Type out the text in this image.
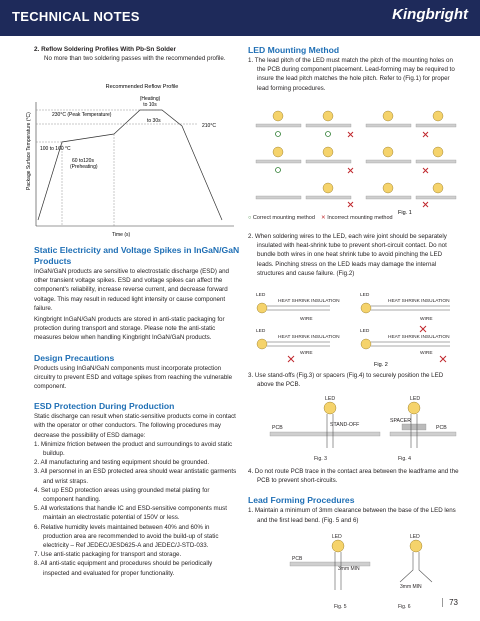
TECHNICAL NOTES	Kingbright
2. Reflow Soldering Profiles With Pb-Sn Solder

No more than two soldering passes with the recommended profile.

Recommended Reflow Profile
(Heating)
to 10s
Package Surface Temperature (°C)	230°C (Peak Temperature)
210°C
to 30s
100 to 160 °C
60 to120s
(Preheating)
Time (s)
Static Electricity and Voltage Spikes in InGaN/GaN
Products

InGaN/GaN products are sensitive to electrostatic discharge (ESD) and other transient voltage spikes. ESD and voltage spikes can affect the component's reliability, increase reverse current, and decrease forward voltage. This may result in reduced light intensity or cause component failure.

Kingbright InGaN/GaN products are stored in anti-static packaging for protection during transport and storage. Please note the anti-static measures below when handling Kingbright InGaN/GaN products.

Design Precautions

Products using InGaN/GaN components must incorporate protection circuitry to prevent ESD and voltage spikes from reaching the vulnerable component.

ESD Protection During Production

Static discharge can result when static-sensitive products come in contact with the operator or other conductors. The following procedures may decrease the possibility of ESD damage:

1. Minimize friction between the product and surroundings to avoid static buildup.

2. All manufacturing and testing equipment should be grounded.

3. All personnel in an ESD protected area should wear antistatic garments and wrist straps.

4. Set up ESD protection areas using grounded metal plating for component handling.

5. All workstations that handle IC and ESD-sensitive components must maintain an electrostatic potential of 150V or less.

6. Relative humidity levels maintained between 40% and 60% in production area are recommended to avoid the build-up of static electricity – Ref JEDEC/JESD625-A and JEDEC/J-STD-033.

7. Use anti-static packaging for transport and storage.

8. All anti-static equipment and procedures should be periodically inspected and evaluated for proper functionality.

LED Mounting Method

1. The lead pitch of the LED must match the pitch of the mounting holes on the PCB during component placement. Lead-forming may be required to insure the lead pitch matches the hole pitch. Refer to (Fig.1) for proper lead forming procedures.

Fig. 1
○ Correct mounting method ✕ Incorrect mounting method

2. When soldering wires to the LED, each wire joint should be separately insulated with heat-shrink tube to prevent short-circuit contact. Do not bundle both wires in one heat shrink tube to avoid pinching the LED leads. Pinching stress on the LED leads may damage the internal structures and cause failure. (Fig.2)

LED	LED
HEAT SHRINK INSULATION	HEAT SHRINK INSULATION
WIRE	WIRE
LED	LED
HEAT SHRINK INSULATION	HEAT SHRINK INSULATION
WIRE	WIRE
Fig. 2

3. Use stand-offs (Fig.3) or spacers (Fig.4) to securely position the LED above the PCB.

LED	LED
PCB	STAND-OFF
SPACER
PCB
Fig. 3	Fig. 4

4. Do not route PCB trace in the contact area between the leadframe and the PCB to prevent short-circuits.

Lead Forming Procedures

1. Maintain a minimum of 3mm clearance between the base of the LED lens and the first lead bend. (Fig. 5 and 6)

LED	LED
PCB
3mm MIN
3mm MIN
Fig. 5	Fig. 6	73
